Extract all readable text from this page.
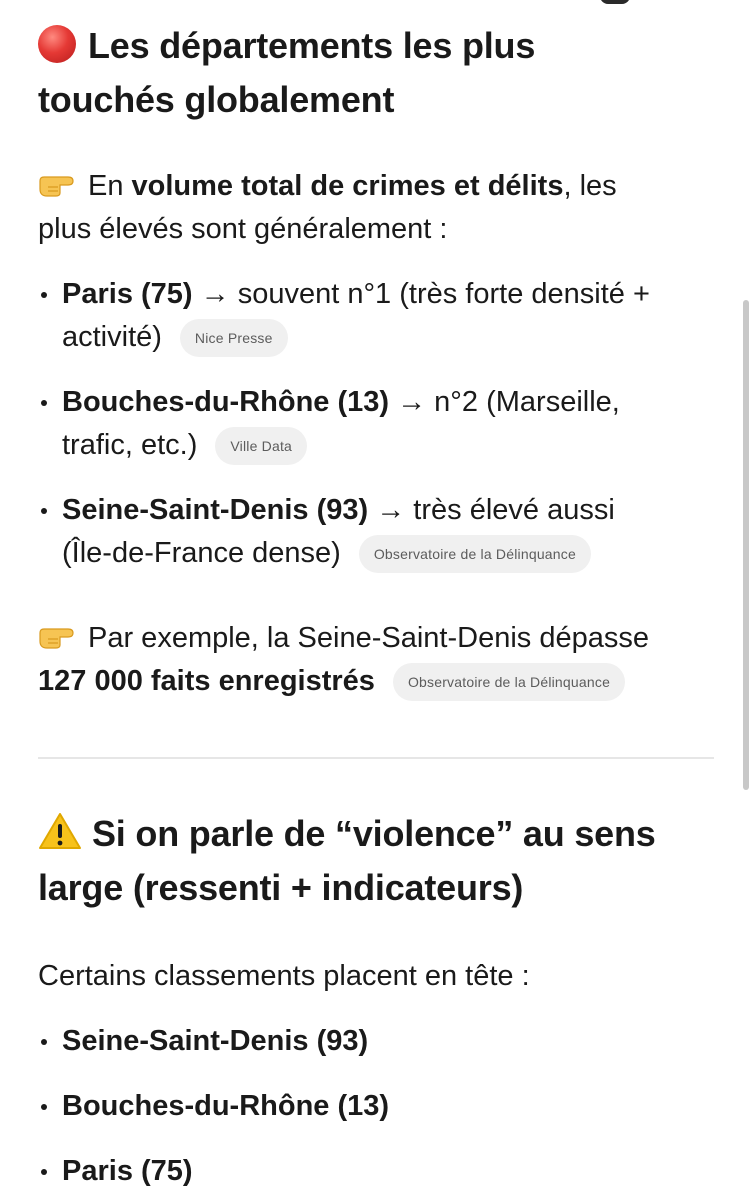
Les départements les plus
touchés globalement

En volume total de crimes et délits, les
plus élevés sont généralement :

Paris (75) → souvent n°1 (très forte densité +
activité) Nice Presse
Bouches-du-Rhône (13) → n°2 (Marseille,
trafic, etc.) Ville Data
Seine-Saint-Denis (93) → très élevé aussi
(Île-de-France dense) Observatoire de la Délinquance

Par exemple, la Seine-Saint-Denis dépasse
127 000 faits enregistrés Observatoire de la Délinquance

Si on parle de “violence” au sens
large (ressenti + indicateurs)

Certains classements placent en tête :

Seine-Saint-Denis (93)
Bouches-du-Rhône (13)
Paris (75)
